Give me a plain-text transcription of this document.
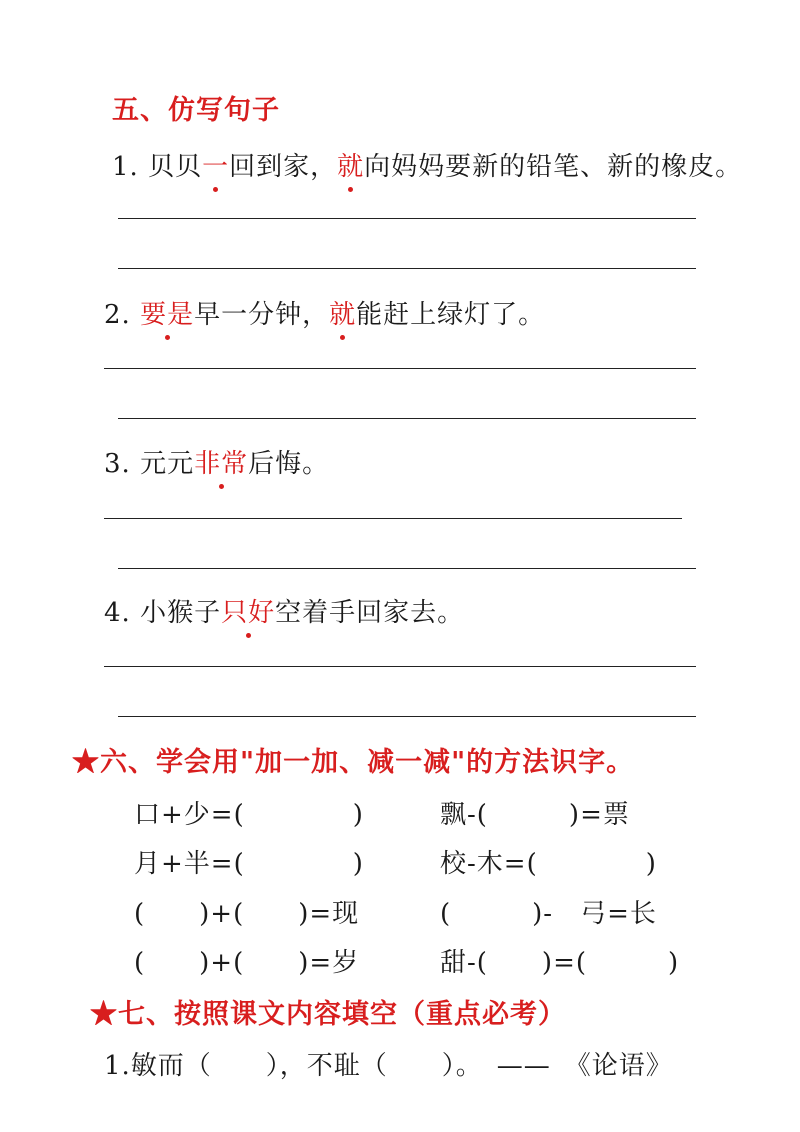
五、仿写句子
1. 贝贝一回到家，就向妈妈要新的铅笔、新的橡皮。
2. 要是早一分钟，就能赶上绿灯了。
3. 元元非常后悔。
4. 小猴子只好空着手回家去。
★六、学会用"加一加、减一减"的方法识字。
口+少=(　　　　)
月+半=(　　　　)
(　　)+(　　)=现
(　　)+(　　)=岁
飘-(　　　)=票
校-木=(　　　　)
(　　　)-　弓=长
甜-(　　)=(　　　)
★七、按照课文内容填空（重点必考）
1.敏而（　　），不耻（　　）。　——　《论语》
